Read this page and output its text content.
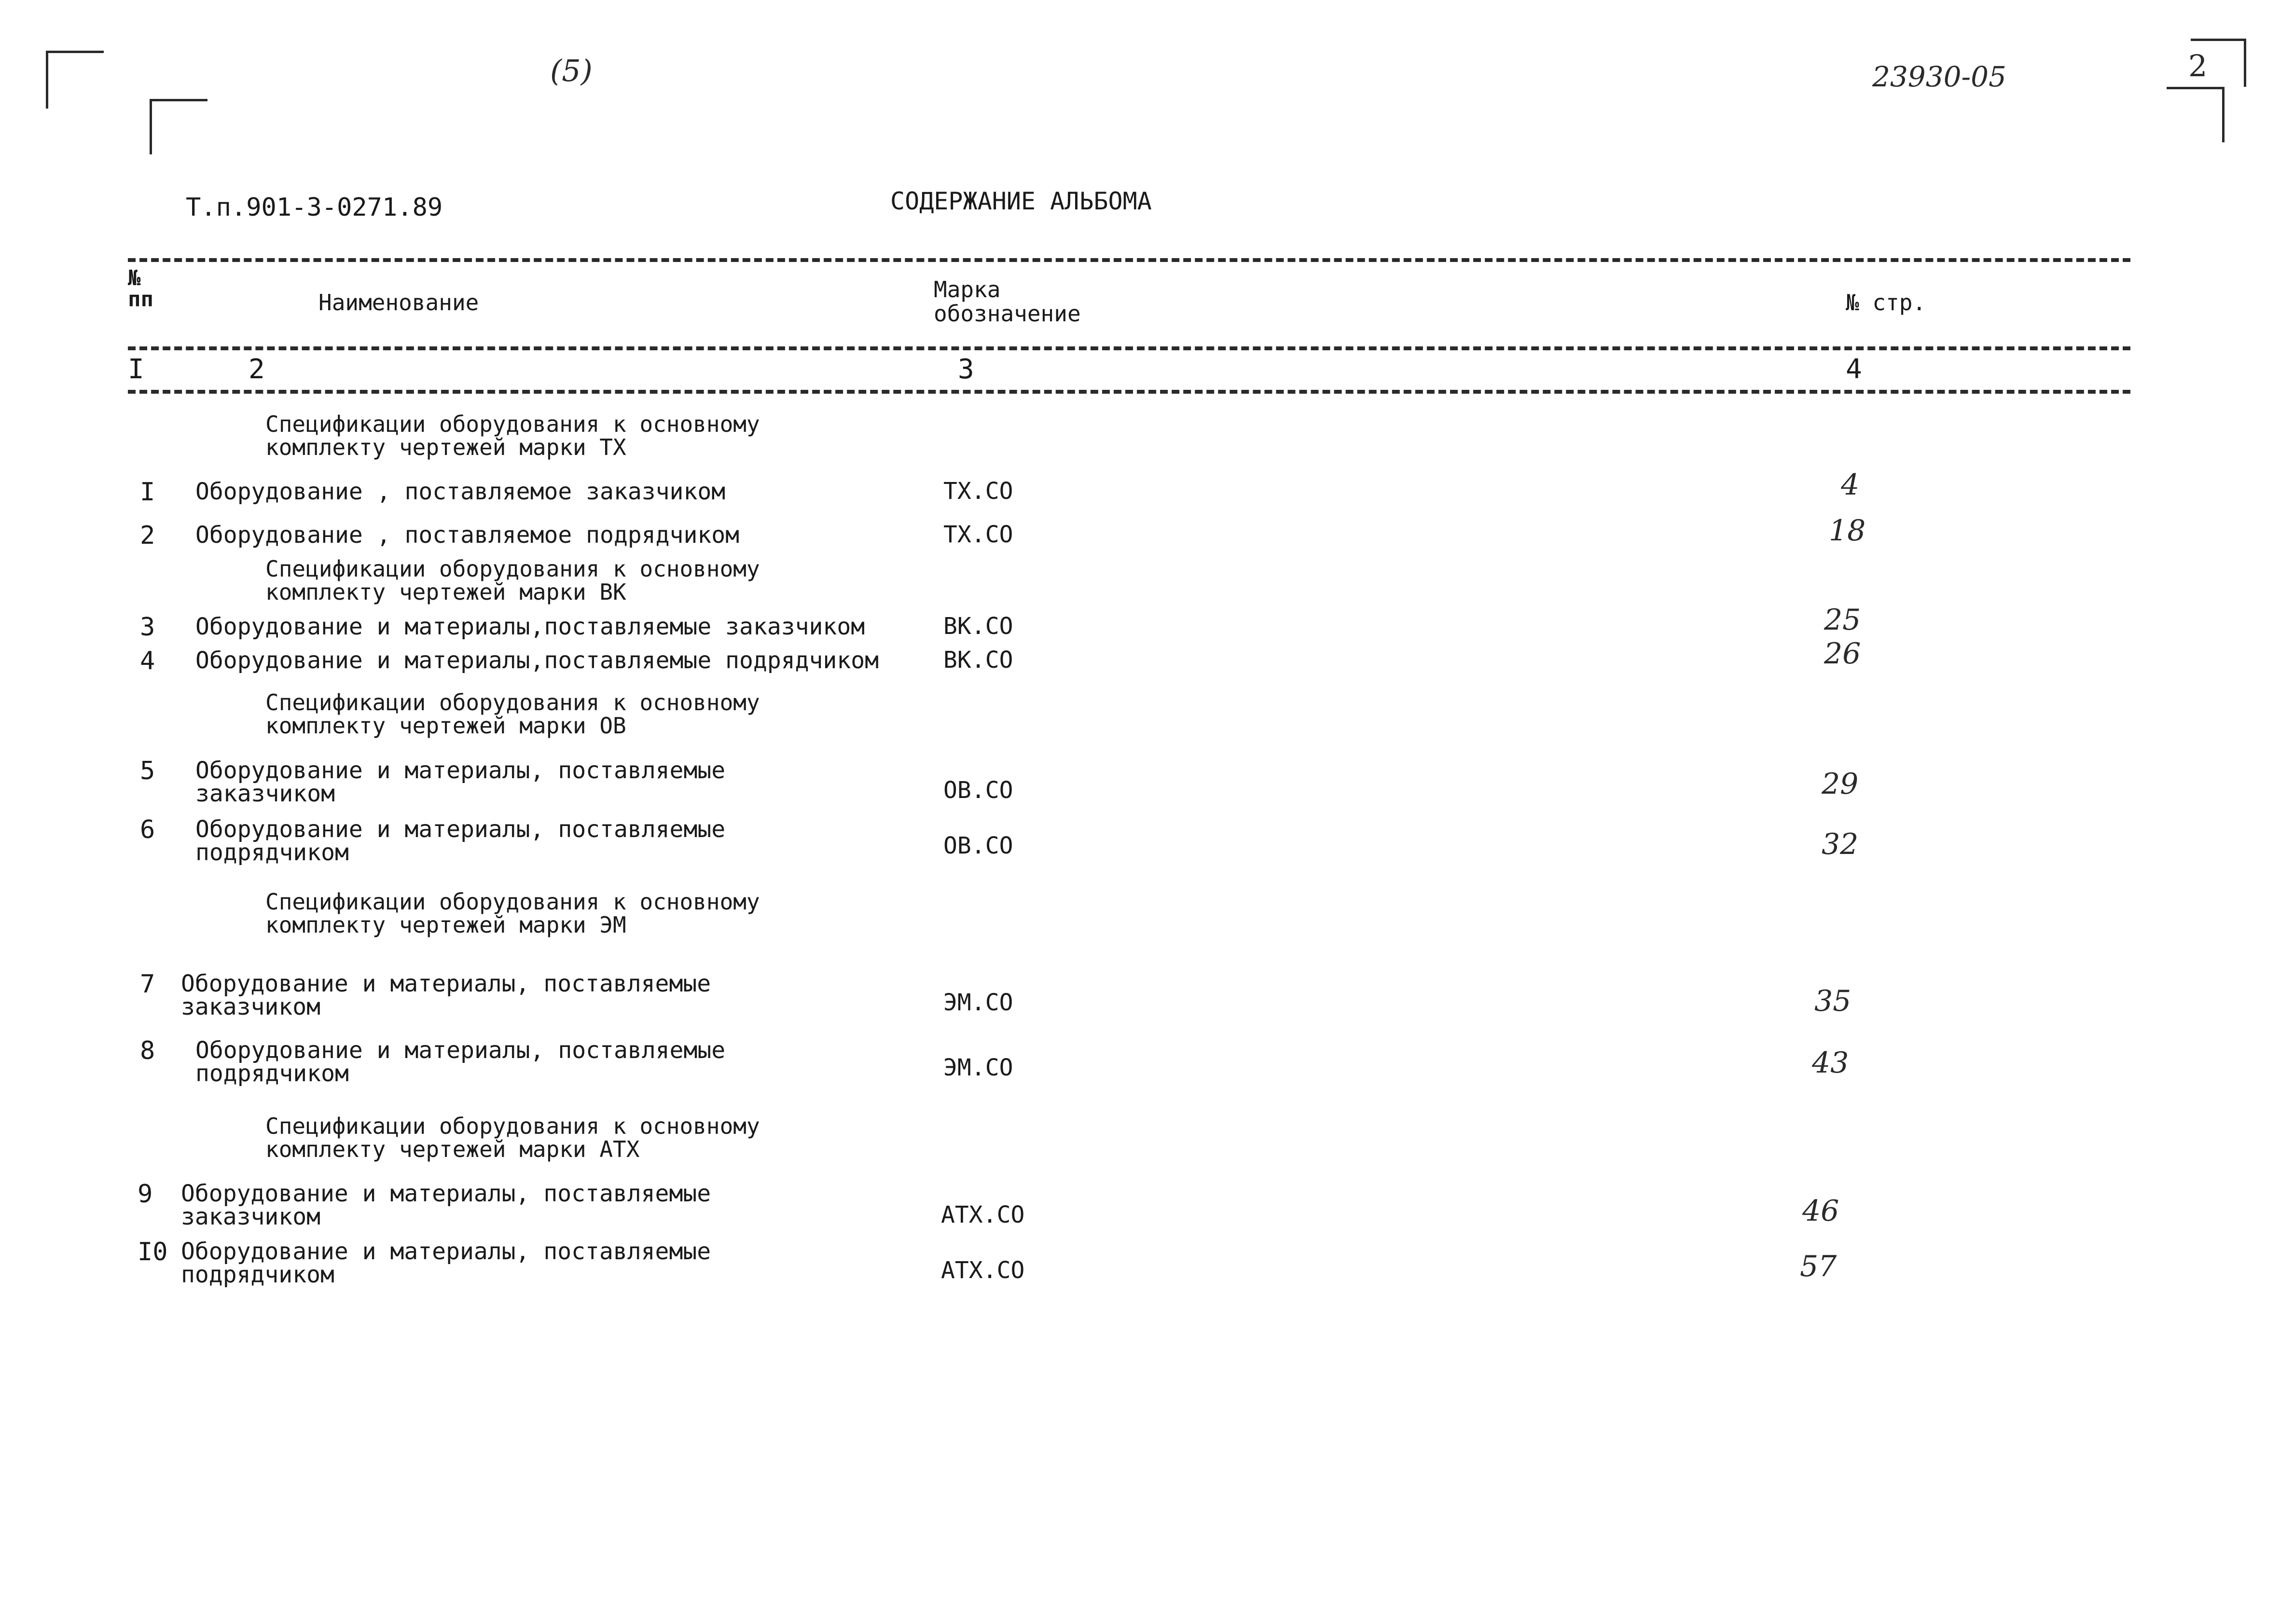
(5)	23930-05	2
Т.п.901-3-0271.89	СОДЕРЖАНИЕ АЛЬБОМА
№ пп	Наименование	Марка обозначение	№ стр.
I	2	3	4
Спецификации оборудования к основному
комплекту чертежей марки ТХ
Спецификации оборудования к основному
комплекту чертежей марки ВК
Спецификации оборудования к основному
комплекту чертежей марки ОВ
Спецификации оборудования к основному
комплекту чертежей марки ЭМ
Спецификации оборудования к основному
комплекту чертежей марки АТХ
I Оборудование , поставляемое заказчиком	ТХ.СО	4
2 Оборудование , поставляемое подрядчиком	ТХ.СО	18
3 Оборудование и материалы,поставляемые заказчиком	ВК.СО	25
4 Оборудование и материалы,поставляемые подрядчиком	ВК.СО	26
5 Оборудование и материалы, поставляемые
заказчиком	ОВ.СО	29
6 Оборудование и материалы, поставляемые
подрядчиком	ОВ.СО	32
7 Оборудование и материалы, поставляемые
заказчиком	ЭМ.СО	35
8 Оборудование и материалы, поставляемые
подрядчиком	ЭМ.СО	43
9 Оборудование и материалы, поставляемые
заказчиком	АТХ.СО	46
I0 Оборудование и материалы, поставляемые
подрядчиком	АТХ.СО	57
